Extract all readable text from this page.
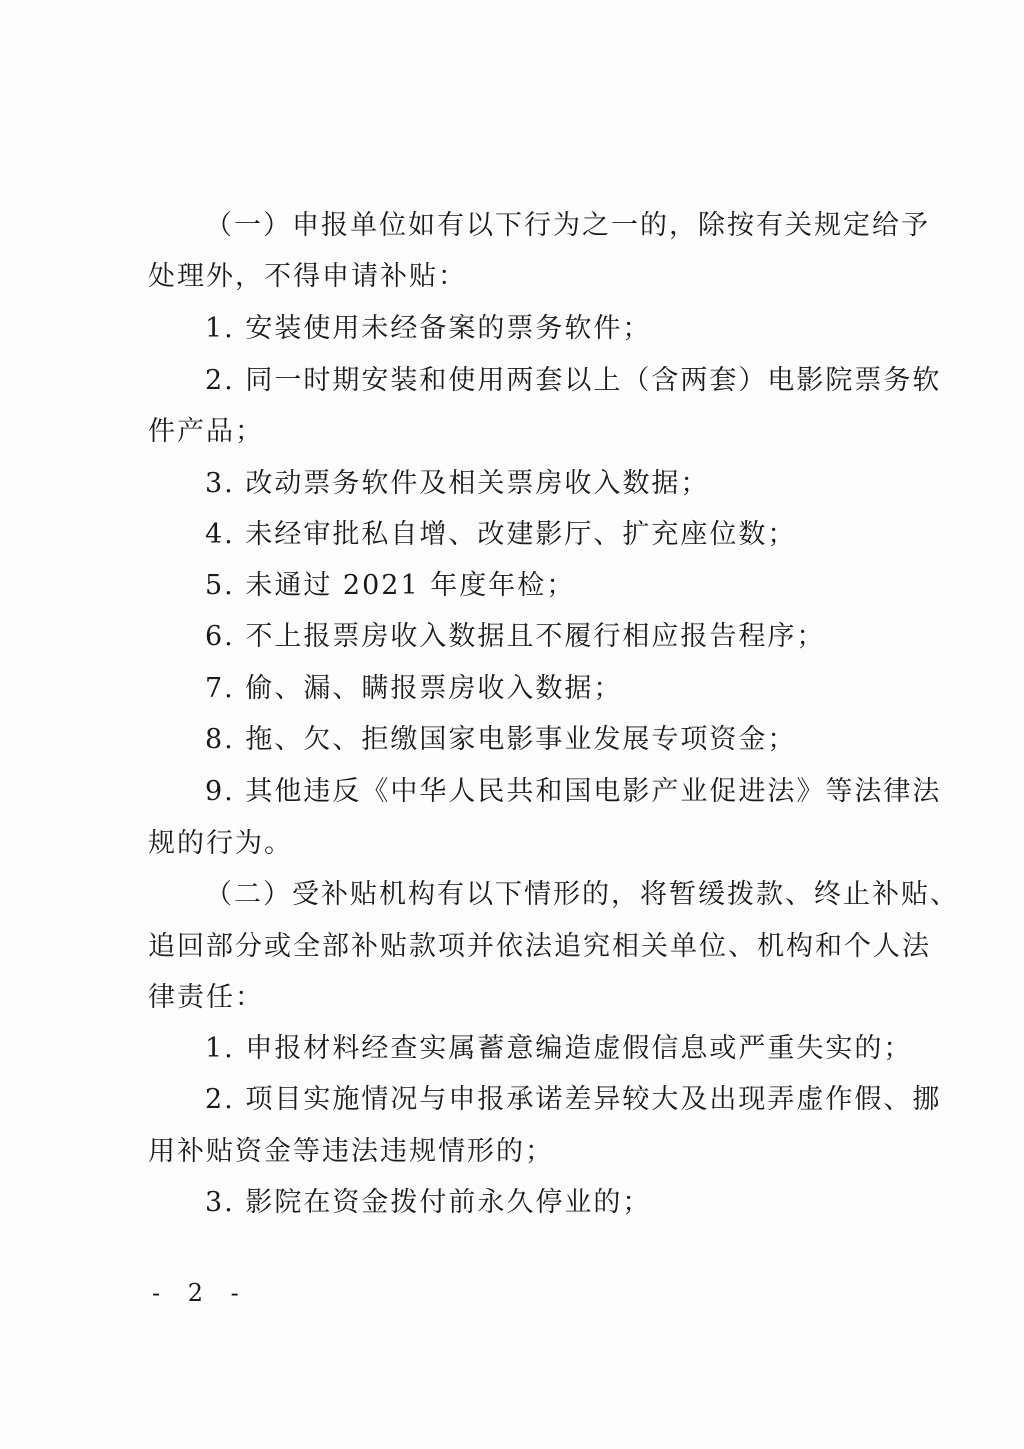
（一）申报单位如有以下行为之一的，除按有关规定给予
处理外，不得申请补贴：
1. 安装使用未经备案的票务软件；
2. 同一时期安装和使用两套以上（含两套）电影院票务软
件产品；
3. 改动票务软件及相关票房收入数据；
4. 未经审批私自增、改建影厅、扩充座位数；
5. 未通过 2021 年度年检；
6. 不上报票房收入数据且不履行相应报告程序；
7. 偷、漏、瞒报票房收入数据；
8. 拖、欠、拒缴国家电影事业发展专项资金；
9. 其他违反《中华人民共和国电影产业促进法》等法律法
规的行为。
（二）受补贴机构有以下情形的，将暂缓拨款、终止补贴、
追回部分或全部补贴款项并依法追究相关单位、机构和个人法
律责任：
1. 申报材料经查实属蓄意编造虚假信息或严重失实的；
2. 项目实施情况与申报承诺差异较大及出现弄虚作假、挪
用补贴资金等违法违规情形的；
3. 影院在资金拨付前永久停业的；
- 2 -
